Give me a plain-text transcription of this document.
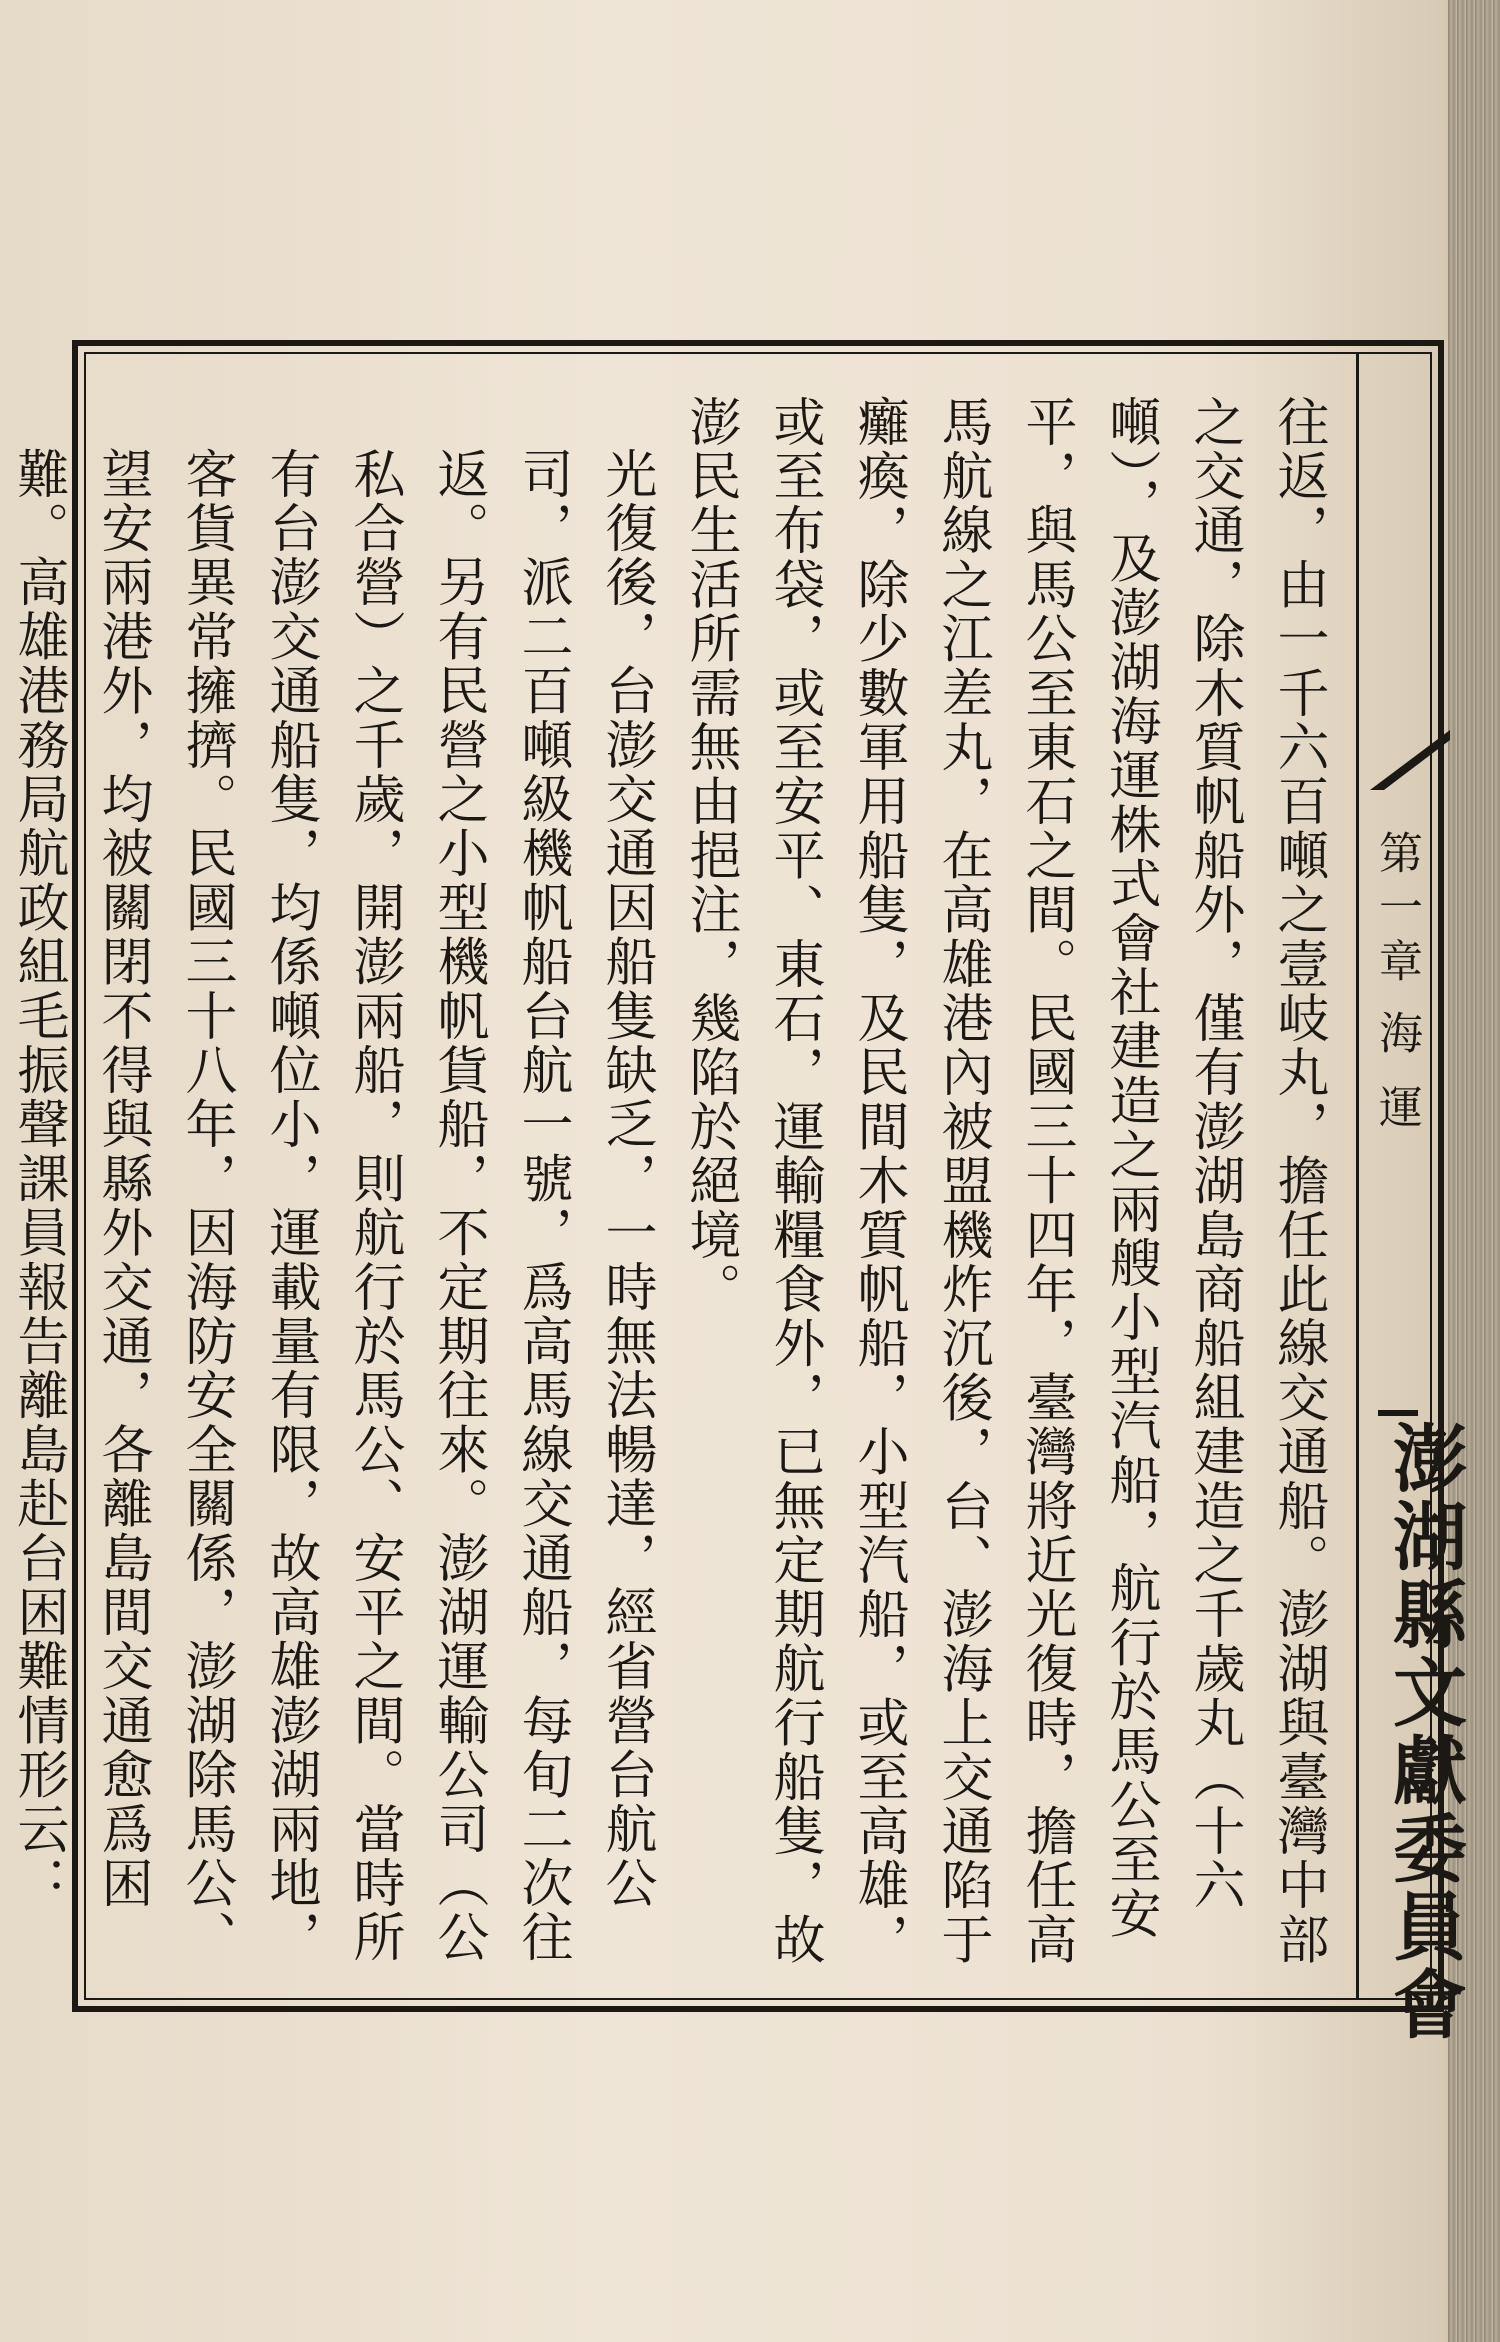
第一章
海運
澎湖縣文獻委員會

往返，由一千六百噸之壹岐丸，擔任此線交通船。澎湖與臺灣中部之交通，除木質帆船外，僅有澎湖島商船組建造之千歲丸（十六噸），及澎湖海運株式會社建造之兩艘小型汽船，航行於馬公至安平，與馬公至東石之間。民國三十四年，臺灣將近光復時，擔任高馬航線之江差丸，在高雄港內被盟機炸沉後，台、澎海上交通陷于癱瘓，除少數軍用船隻，及民間木質帆船，小型汽船，或至高雄，或至布袋，或至安平、東石，運輸糧食外，已無定期航行船隻，故澎民生活所需無由挹注，幾陷於絕境。

光復後，台澎交通因船隻缺乏，一時無法暢達，經省營台航公司，派二百噸級機帆船台航一號，爲高馬線交通船，每旬二次往返。另有民營之小型機帆貨船，不定期往來。澎湖運輸公司（公私合營）之千歲，開澎兩船，則航行於馬公、安平之間。當時所有台澎交通船隻，均係噸位小，運載量有限，故高雄澎湖兩地，客貨異常擁擠。民國三十八年，因海防安全關係，澎湖除馬公、望安兩港外，均被關閉不得與縣外交通，各離島間交通愈爲困難。高雄港務局航政組毛振聲課員報告離島赴台困難情形云：
